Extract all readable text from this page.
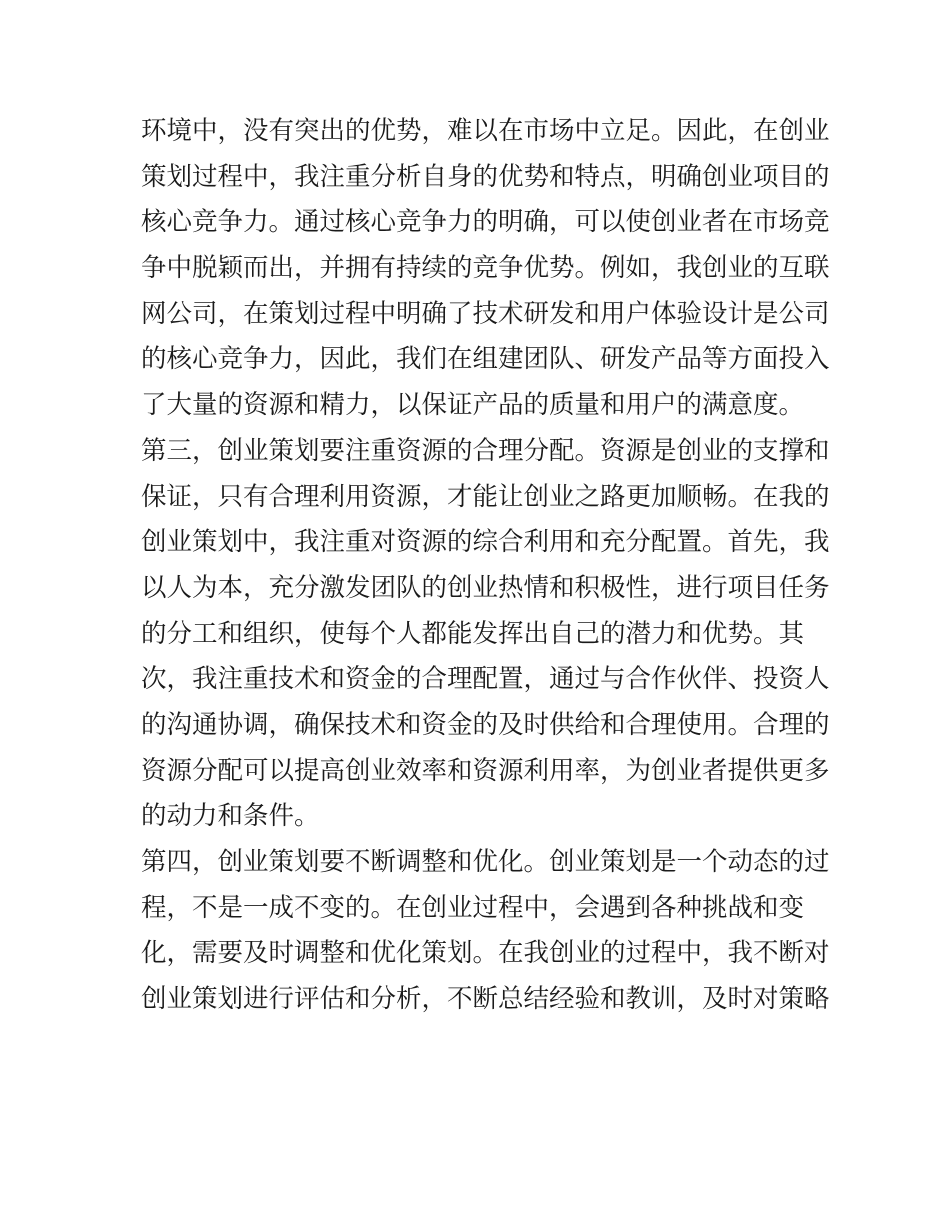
环境中，没有突出的优势，难以在市场中立足。因此，在创业
策划过程中，我注重分析自身的优势和特点，明确创业项目的
核心竞争力。通过核心竞争力的明确，可以使创业者在市场竞
争中脱颖而出，并拥有持续的竞争优势。例如，我创业的互联
网公司，在策划过程中明确了技术研发和用户体验设计是公司
的核心竞争力，因此，我们在组建团队、研发产品等方面投入
了大量的资源和精力，以保证产品的质量和用户的满意度。
第三，创业策划要注重资源的合理分配。资源是创业的支撑和
保证，只有合理利用资源，才能让创业之路更加顺畅。在我的
创业策划中，我注重对资源的综合利用和充分配置。首先，我
以人为本，充分激发团队的创业热情和积极性，进行项目任务
的分工和组织，使每个人都能发挥出自己的潜力和优势。其
次，我注重技术和资金的合理配置，通过与合作伙伴、投资人
的沟通协调，确保技术和资金的及时供给和合理使用。合理的
资源分配可以提高创业效率和资源利用率，为创业者提供更多
的动力和条件。
第四，创业策划要不断调整和优化。创业策划是一个动态的过
程，不是一成不变的。在创业过程中，会遇到各种挑战和变
化，需要及时调整和优化策划。在我创业的过程中，我不断对
创业策划进行评估和分析，不断总结经验和教训，及时对策略
